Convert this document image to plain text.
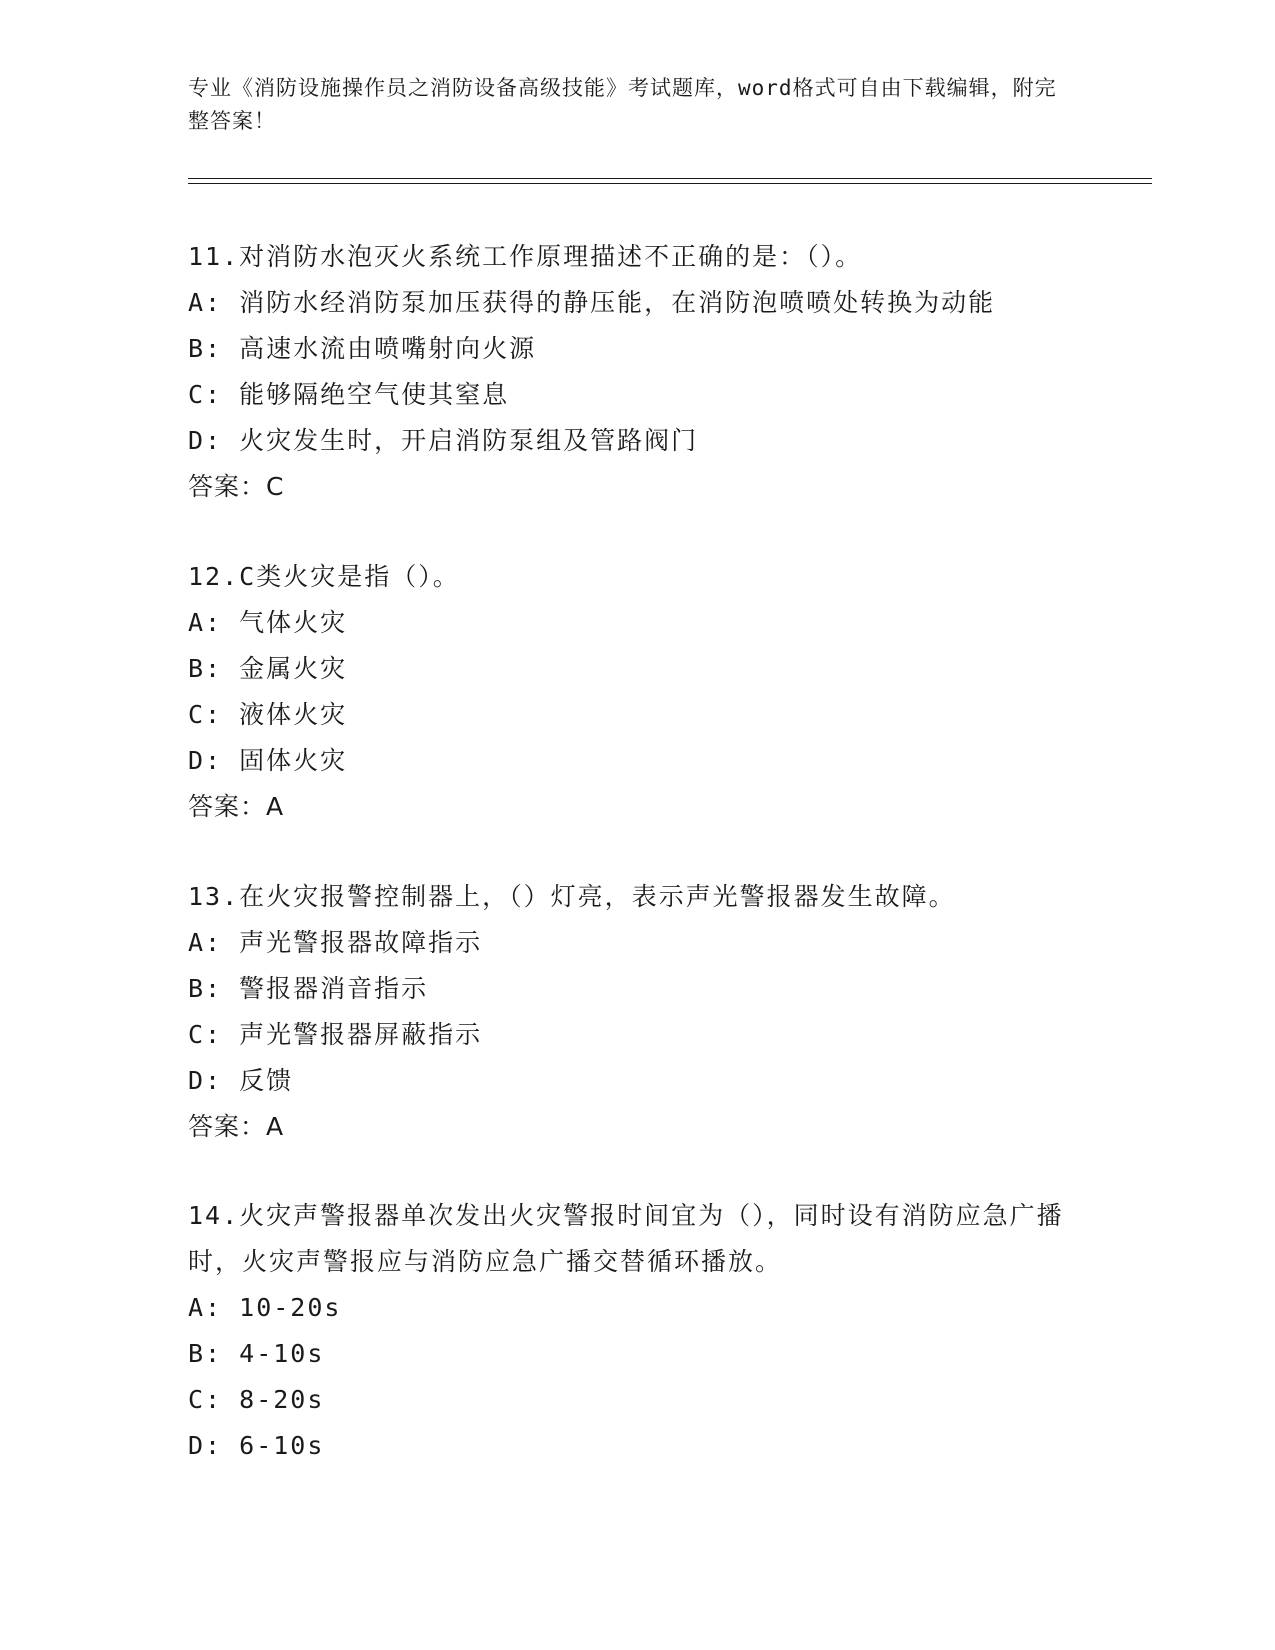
专业《消防设施操作员之消防设备高级技能》考试题库，word格式可自由下载编辑，附完整答案！
11.对消防水泡灭火系统工作原理描述不正确的是：（）。
A: 消防水经消防泵加压获得的静压能，在消防泡喷喷处转换为动能
B: 高速水流由喷嘴射向火源
C: 能够隔绝空气使其窒息
D: 火灾发生时，开启消防泵组及管路阀门
答案：C
12.C类火灾是指（）。
A: 气体火灾
B: 金属火灾
C: 液体火灾
D: 固体火灾
答案：A
13.在火灾报警控制器上，（）灯亮，表示声光警报器发生故障。
A: 声光警报器故障指示
B: 警报器消音指示
C: 声光警报器屏蔽指示
D: 反馈
答案：A
14.火灾声警报器单次发出火灾警报时间宜为（），同时设有消防应急广播时，火灾声警报应与消防应急广播交替循环播放。
A: 10-20s
B: 4-10s
C: 8-20s
D: 6-10s
